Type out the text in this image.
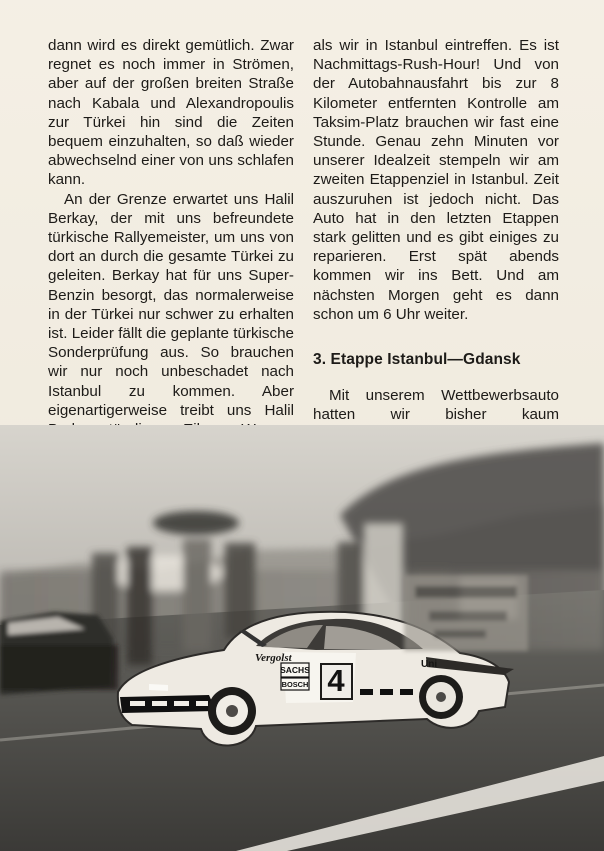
dann wird es direkt gemütlich. Zwar regnet es noch immer in Strömen, aber auf der großen breiten Straße nach Kabala und Alexandropoulis zur Türkei hin sind die Zeiten bequem einzuhalten, so daß wieder abwechselnd einer von uns schlafen kann.

An der Grenze erwartet uns Halil Berkay, der mit uns befreundete türkische Rallyemeister, um uns von dort an durch die gesamte Türkei zu geleiten. Berkay hat für uns Super-Benzin besorgt, das normalerweise in der Türkei nur schwer zu erhalten ist. Leider fällt die geplante türkische Sonderprüfung aus. So brauchen wir nur noch unbeschadet nach Istanbul zu kommen. Aber eigenartigerweise treibt uns Halil

als wir in Istanbul eintreffen. Es ist Nachmittags-Rush-Hour! Und von der Autobahnausfahrt bis zur 8 Kilometer entfernten Kontrolle am Taksim-Platz brauchen wir fast eine Stunde. Genau zehn Minuten vor unserer Idealzeit stempeln wir am zweiten Etappenziel in Istanbul. Zeit auszuruhen ist jedoch nicht. Das Auto hat in den letzten Etappen stark gelitten und es gibt einiges zu reparieren. Erst spät abends kommen wir ins Bett. Und am nächsten Morgen geht es dann schon um 6 Uhr weiter.

3. Etappe Istanbul—Gdansk

Mit unserem Wettbewerbsauto hatten wir bisher kaum

4
SACHS
BOSCH
Vergolst
Uni
